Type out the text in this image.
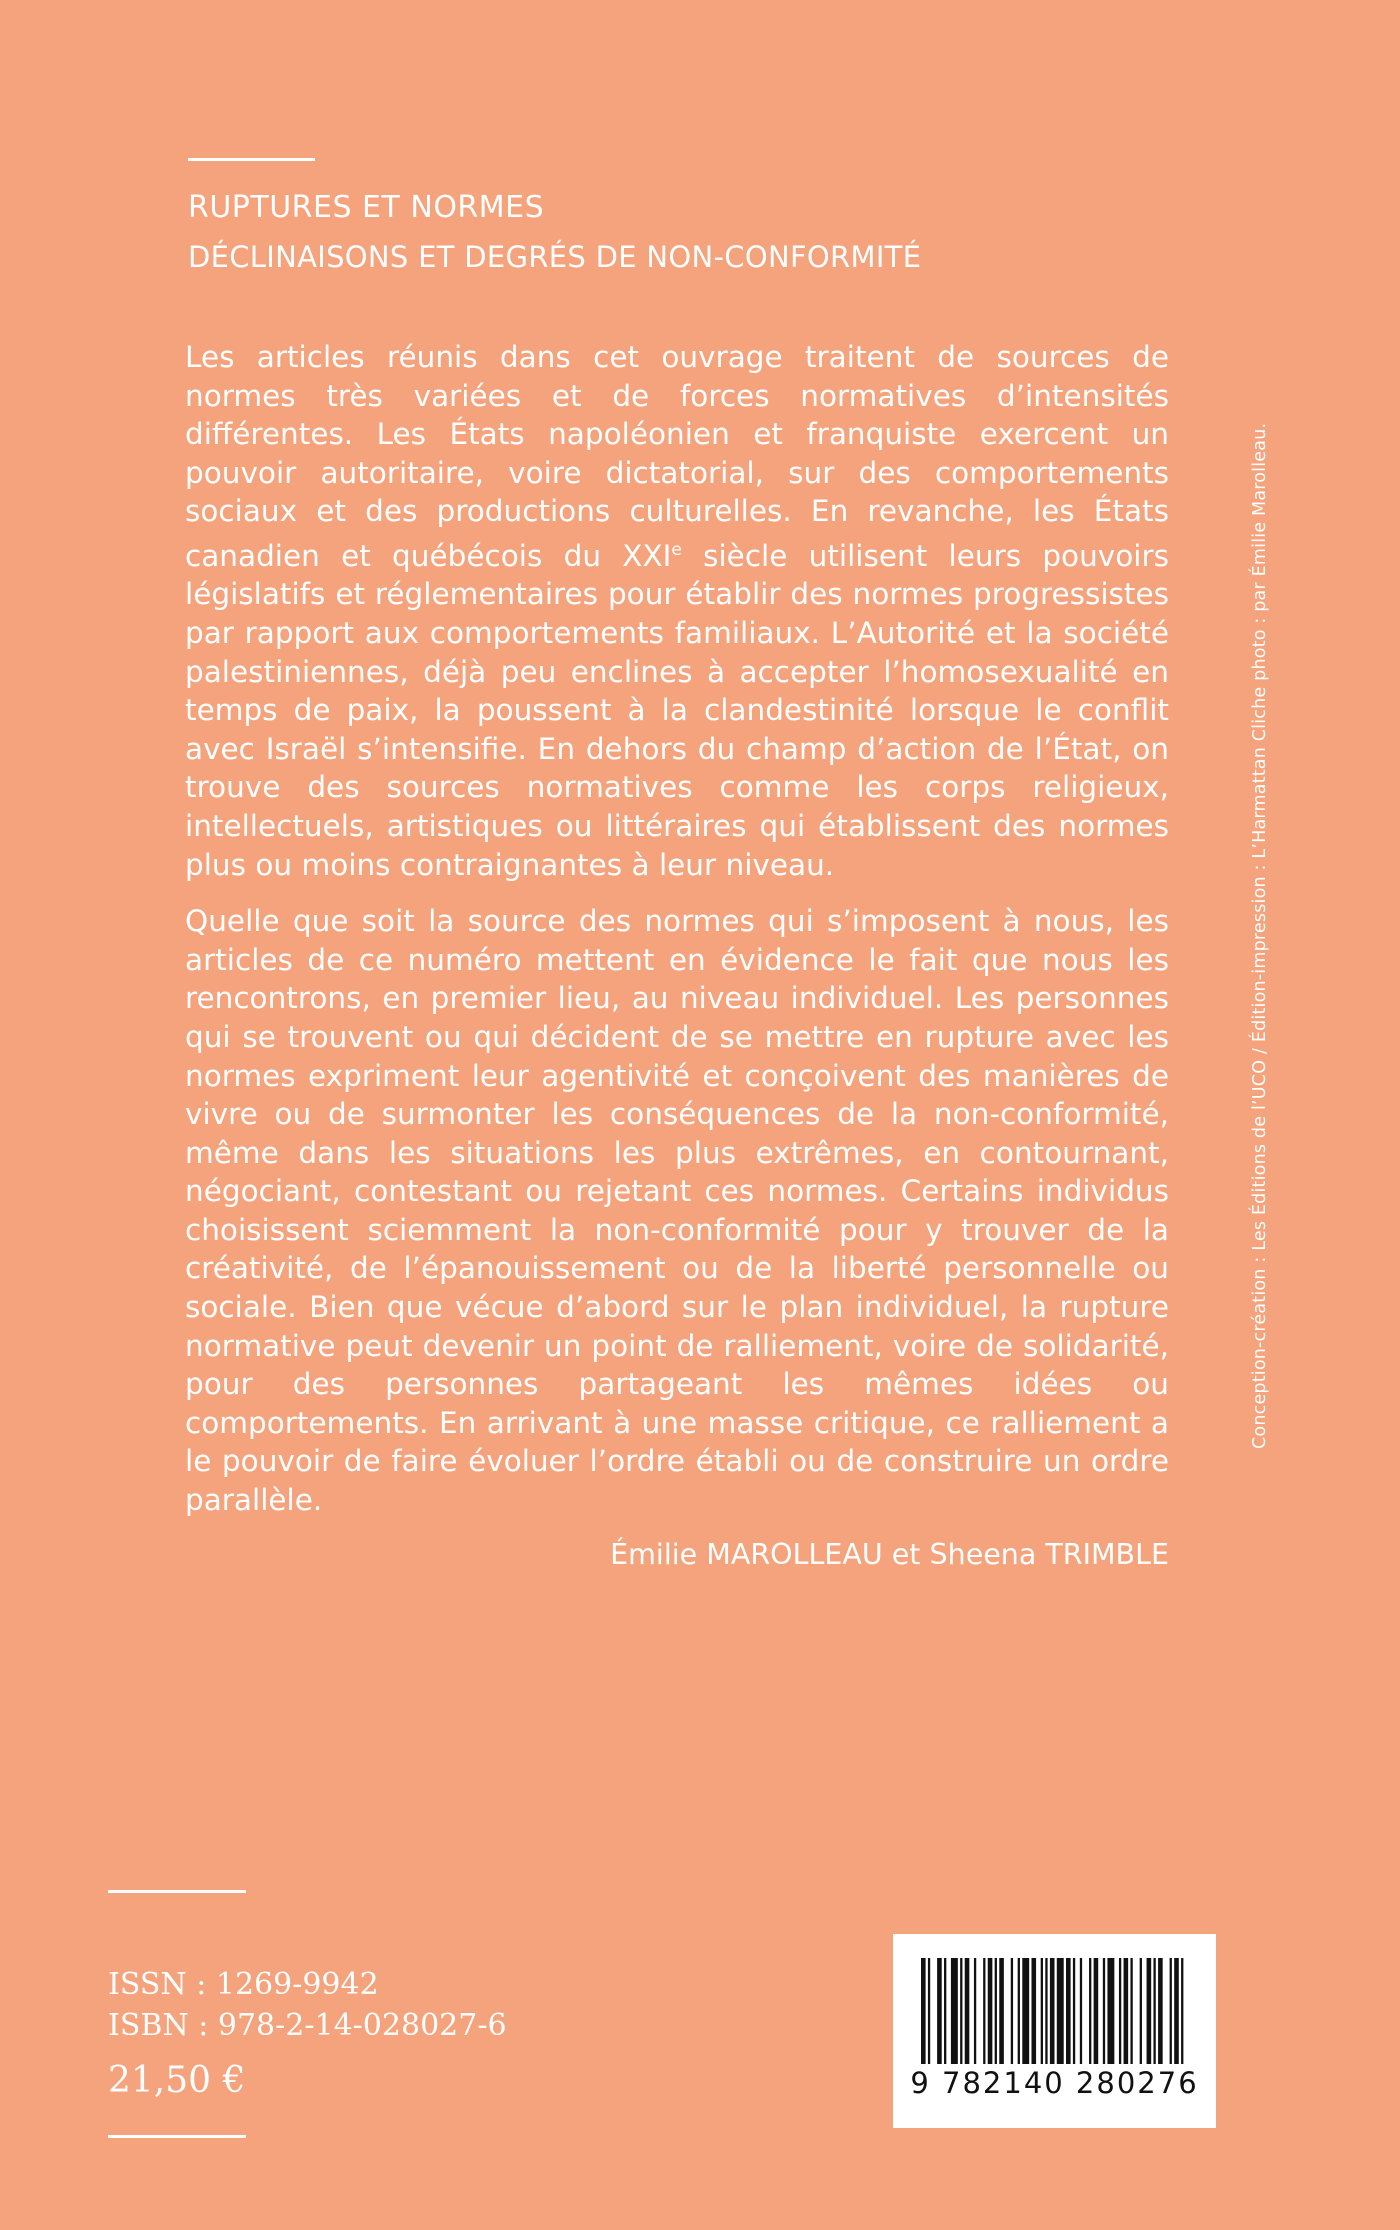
RUPTURES ET NORMES
DÉCLINAISONS ET DEGRÉS DE NON-CONFORMITÉ

Les articles réunis dans cet ouvrage traitent de sources de normes très variées et de forces normatives d’intensités différentes. Les États napoléonien et franquiste exercent un pouvoir autoritaire, voire dictatorial, sur des comportements sociaux et des productions culturelles. En revanche, les États canadien et québécois du XXIe siècle utilisent leurs pouvoirs législatifs et réglementaires pour établir des normes progressistes par rapport aux comportements familiaux. L’Autorité et la société palestiniennes, déjà peu enclines à accepter l’homosexualité en temps de paix, la poussent à la clandestinité lorsque le conflit avec Israël s’intensifie. En dehors du champ d’action de l’État, on trouve des sources normatives comme les corps religieux, intellectuels, artistiques ou littéraires qui établissent des normes plus ou moins contraignantes à leur niveau.

Quelle que soit la source des normes qui s’imposent à nous, les articles de ce numéro mettent en évidence le fait que nous les rencontrons, en premier lieu, au niveau individuel. Les personnes qui se trouvent ou qui décident de se mettre en rupture avec les normes expriment leur agentivité et conçoivent des manières de vivre ou de surmonter les conséquences de la non-conformité, même dans les situations les plus extrêmes, en contournant, négociant, contestant ou rejetant ces normes. Certains individus choisissent sciemment la non-conformité pour y trouver de la créativité, de l’épanouissement ou de la liberté personnelle ou sociale. Bien que vécue d’abord sur le plan individuel, la rupture normative peut devenir un point de ralliement, voire de solidarité, pour des personnes partageant les mêmes idées ou comportements. En arrivant à une masse critique, ce ralliement a le pouvoir de faire évoluer l’ordre établi ou de construire un ordre parallèle.

Émilie MAROLLEAU et Sheena TRIMBLE
Conception-création : Les Éditions de l’UCO / Édition-impression : L’Harmattan Cliche photo : par Émilie Marolleau.
ISSN : 1269-9942
ISBN : 978-2-14-028027-6
21,50 €	9 782140 280276
